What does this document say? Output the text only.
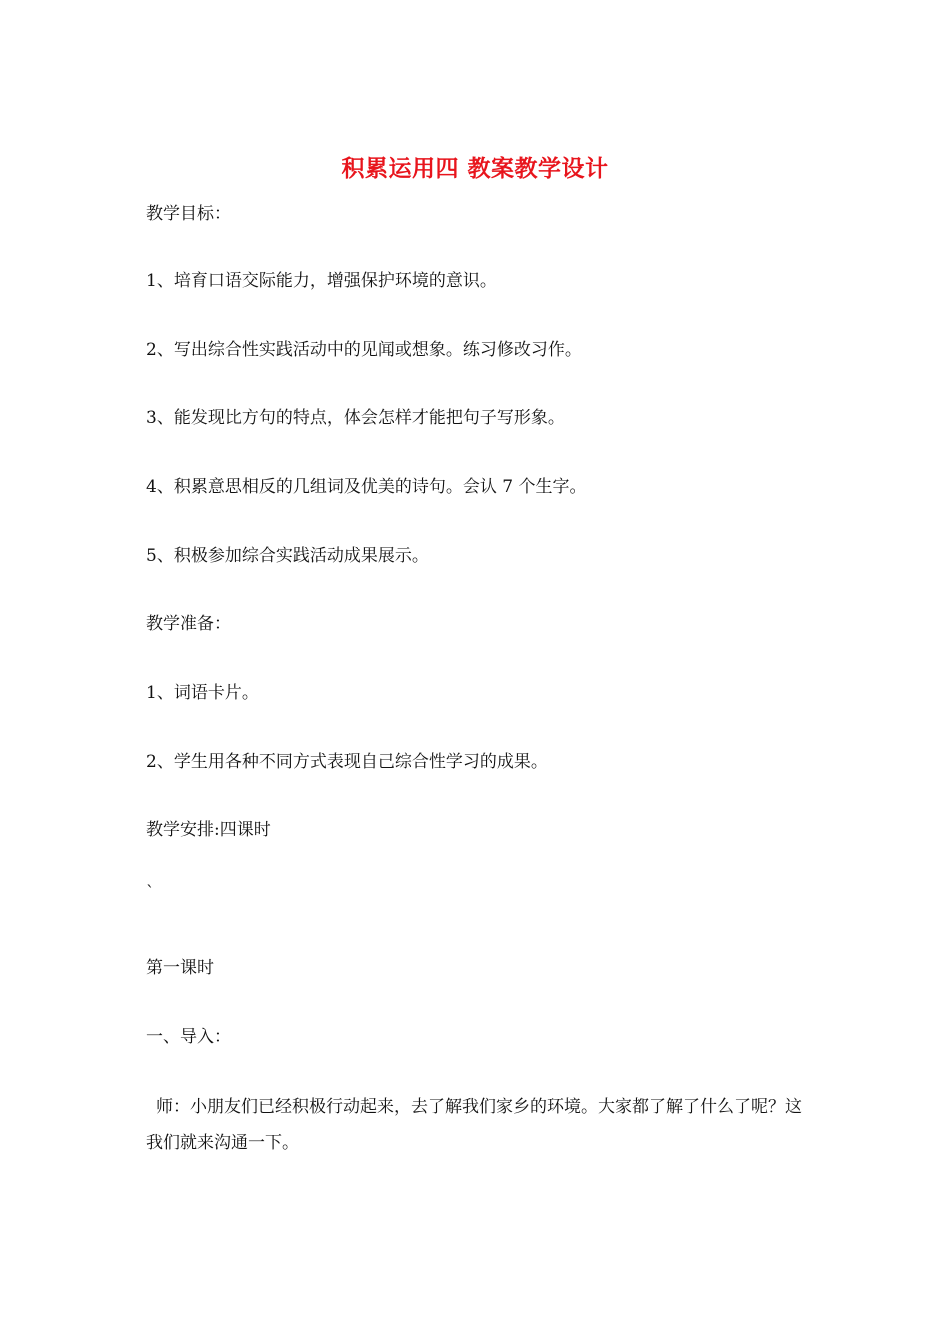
积累运用四 教案教学设计
教学目标：
1、培育口语交际能力，增强保护环境的意识。
2、写出综合性实践活动中的见闻或想象。练习修改习作。
3、能发现比方句的特点，体会怎样才能把句子写形象。
4、积累意思相反的几组词及优美的诗句。会认 7 个生字。
5、积极参加综合实践活动成果展示。
教学准备：
1、词语卡片。
2、学生用各种不同方式表现自己综合性学习的成果。
教学安排:四课时
`
第一课时
一、导入：
师：小朋友们已经积极行动起来，去了解我们家乡的环境。大家都了解了什么了呢？这我们就来沟通一下。
